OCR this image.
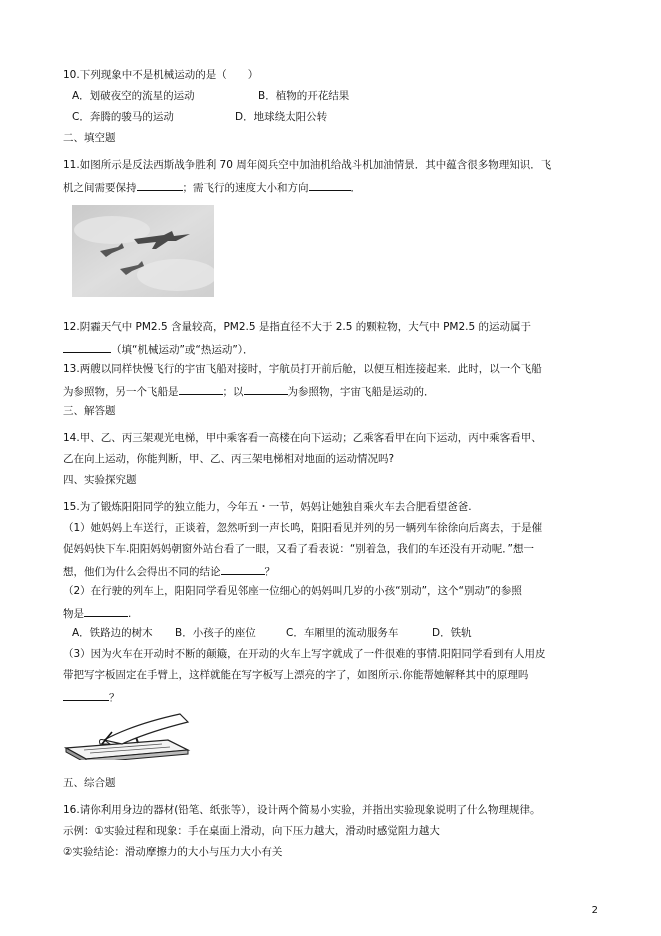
10.下列现象中不是机械运动的是（　　）
A．划破夜空的流星的运动	B．植物的开花结果
C．奔腾的骏马的运动	D．地球绕太阳公转
二、填空题
11.如图所示是反法西斯战争胜利 70 周年阅兵空中加油机给战斗机加油情景．其中蕴含很多物理知识．飞
机之间需要保持	；需飞行的速度大小和方向	．
12.阴霾天气中 PM2.5 含量较高，PM2.5 是指直径不大于 2.5 的颗粒物，大气中 PM2.5 的运动属于
（填“机械运动”或“热运动”）．
13.两艘以同样快慢飞行的宇宙飞船对接时，宇航员打开前后舱，以便互相连接起来．此时，以一个飞船
为参照物，另一个飞船是	；以	为参照物，宇宙飞船是运动的．
三、解答题
14.甲、乙、丙三架观光电梯，甲中乘客看一高楼在向下运动；乙乘客看甲在向下运动，丙中乘客看甲、
乙在向上运动，你能判断，甲、乙、丙三架电梯相对地面的运动情况吗?
四、实验探究题
15.为了锻炼阳阳同学的独立能力，今年五・一节，妈妈让她独自乘火车去合肥看望爸爸.
（1）她妈妈上车送行，正谈着，忽然听到一声长鸣，阳阳看见并列的另一辆列车徐徐向后离去，于是催
促妈妈快下车.阳阳妈妈朝窗外站台看了一眼，又看了看表说：“别着急，我们的车还没有开动呢．”想一
想，他们为什么会得出不同的结论	？
（2）在行驶的列车上，阳阳同学看见邻座一位细心的妈妈叫几岁的小孩“别动”，这个“别动”的参照
物是	.
A．铁路边的树木 B．小孩子的座位	C．车厢里的流动服务车	D．铁轨
（3）因为火车在开动时不断的颠簸，在开动的火车上写字就成了一件很难的事情.阳阳同学看到有人用皮
带把写字板固定在手臂上，这样就能在写字板写上漂亮的字了，如图所示.你能帮她解释其中的原理吗
？
五、综合题
16.请你利用身边的器材(铅笔、纸张等），设计两个简易小实验，并指出实验现象说明了什么物理规律。
示例：①实验过程和现象：手在桌面上滑动，向下压力越大，滑动时感觉阻力越大
②实验结论：滑动摩擦力的大小与压力大小有关
2
